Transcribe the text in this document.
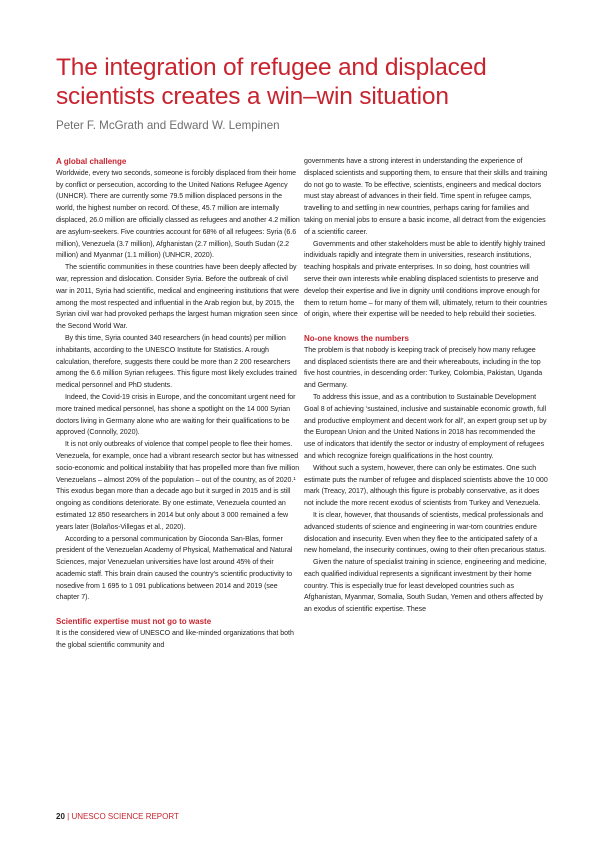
The integration of refugee and displaced scientists creates a win–win situation

Peter F. McGrath and Edward W. Lempinen

A global challenge

Worldwide, every two seconds, someone is forcibly displaced from their home by conflict or persecution, according to the United Nations Refugee Agency (UNHCR). There are currently some 79.5 million displaced persons in the world, the highest number on record. Of these, 45.7 million are internally displaced, 26.0 million are officially classed as refugees and another 4.2 million are asylum-seekers. Five countries account for 68% of all refugees: Syria (6.6 million), Venezuela (3.7 million), Afghanistan (2.7 million), South Sudan (2.2 million) and Myanmar (1.1 million) (UNHCR, 2020).

The scientific communities in these countries have been deeply affected by war, repression and dislocation. Consider Syria. Before the outbreak of civil war in 2011, Syria had scientific, medical and engineering institutions that were among the most respected and influential in the Arab region but, by 2015, the Syrian civil war had provoked perhaps the largest human migration seen since the Second World War.

By this time, Syria counted 340 researchers (in head counts) per million inhabitants, according to the UNESCO Institute for Statistics. A rough calculation, therefore, suggests there could be more than 2 200 researchers among the 6.6 million Syrian refugees. This figure most likely excludes trained medical personnel and PhD students.

Indeed, the Covid-19 crisis in Europe, and the concomitant urgent need for more trained medical personnel, has shone a spotlight on the 14 000 Syrian doctors living in Germany alone who are waiting for their qualifications to be approved (Connolly, 2020).

It is not only outbreaks of violence that compel people to flee their homes. Venezuela, for example, once had a vibrant research sector but has witnessed socio-economic and political instability that has propelled more than five million Venezuelans – almost 20% of the population – out of the country, as of 2020.¹ This exodus began more than a decade ago but it surged in 2015 and is still ongoing as conditions deteriorate. By one estimate, Venezuela counted an estimated 12 850 researchers in 2014 but only about 3 000 remained a few years later (Bolaños-Villegas et al., 2020).

According to a personal communication by Gioconda San-Blas, former president of the Venezuelan Academy of Physical, Mathematical and Natural Sciences, major Venezuelan universities have lost around 45% of their academic staff. This brain drain caused the country’s scientific productivity to nosedive from 1 695 to 1 091 publications between 2014 and 2019 (see chapter 7).

Scientific expertise must not go to waste

It is the considered view of UNESCO and like-minded organizations that both the global scientific community and

governments have a strong interest in understanding the experience of displaced scientists and supporting them, to ensure that their skills and training do not go to waste. To be effective, scientists, engineers and medical doctors must stay abreast of advances in their field. Time spent in refugee camps, travelling to and settling in new countries, perhaps caring for families and taking on menial jobs to ensure a basic income, all detract from the exigencies of a scientific career.

Governments and other stakeholders must be able to identify highly trained individuals rapidly and integrate them in universities, research institutions, teaching hospitals and private enterprises. In so doing, host countries will serve their own interests while enabling displaced scientists to preserve and develop their expertise and live in dignity until conditions improve enough for them to return home – for many of them will, ultimately, return to their countries of origin, where their expertise will be needed to help rebuild their societies.

No-one knows the numbers

The problem is that nobody is keeping track of precisely how many refugee and displaced scientists there are and their whereabouts, including in the top five host countries, in descending order: Turkey, Colombia, Pakistan, Uganda and Germany.

To address this issue, and as a contribution to Sustainable Development Goal 8 of achieving ‘sustained, inclusive and sustainable economic growth, full and productive employment and decent work for all’, an expert group set up by the European Union and the United Nations in 2018 has recommended the use of indicators that identify the sector or industry of employment of refugees and which recognize foreign qualifications in the host country.

Without such a system, however, there can only be estimates. One such estimate puts the number of refugee and displaced scientists above the 10 000 mark (Treacy, 2017), although this figure is probably conservative, as it does not include the more recent exodus of scientists from Turkey and Venezuela.

It is clear, however, that thousands of scientists, medical professionals and advanced students of science and engineering in war-torn countries endure dislocation and insecurity. Even when they flee to the anticipated safety of a new homeland, the insecurity continues, owing to their often precarious status.

Given the nature of specialist training in science, engineering and medicine, each qualified individual represents a significant investment by their home country. This is especially true for least developed countries such as Afghanistan, Myanmar, Somalia, South Sudan, Yemen and others affected by an exodus of scientific expertise. These

20 | UNESCO SCIENCE REPORT
